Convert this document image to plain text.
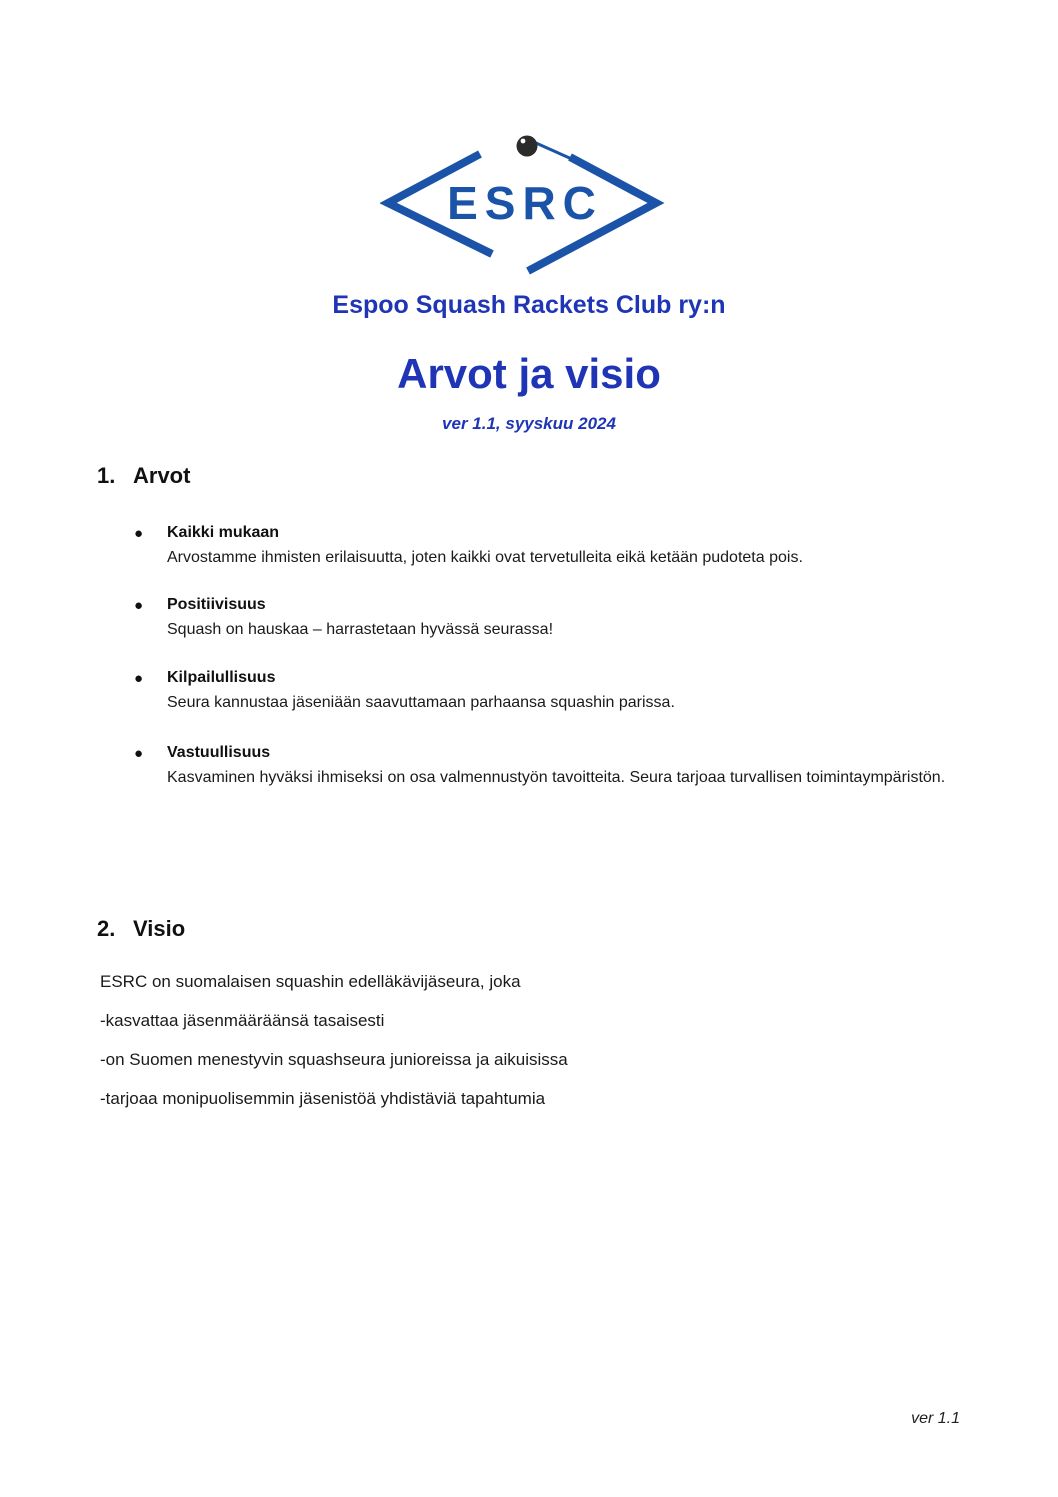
ESRC
Espoo Squash Rackets Club ry:n
Arvot ja visio
ver 1.1, syyskuu 2024
1. Arvot
● Kaikki mukaan
Arvostamme ihmisten erilaisuutta, joten kaikki ovat tervetulleita eikä ketään pudoteta pois.
● Positiivisuus
Squash on hauskaa – harrastetaan hyvässä seurassa!
● Kilpailullisuus
Seura kannustaa jäseniään saavuttamaan parhaansa squashin parissa.
● Vastuullisuus
Kasvaminen hyväksi ihmiseksi on osa valmennustyön tavoitteita. Seura tarjoaa turvallisen toimintaympäristön.
2. Visio
ESRC on suomalaisen squashin edelläkävijäseura, joka
-kasvattaa jäsenmääräänsä tasaisesti
-on Suomen menestyvin squashseura junioreissa ja aikuisissa
-tarjoaa monipuolisemmin jäsenistöä yhdistäviä tapahtumia
ver 1.1
